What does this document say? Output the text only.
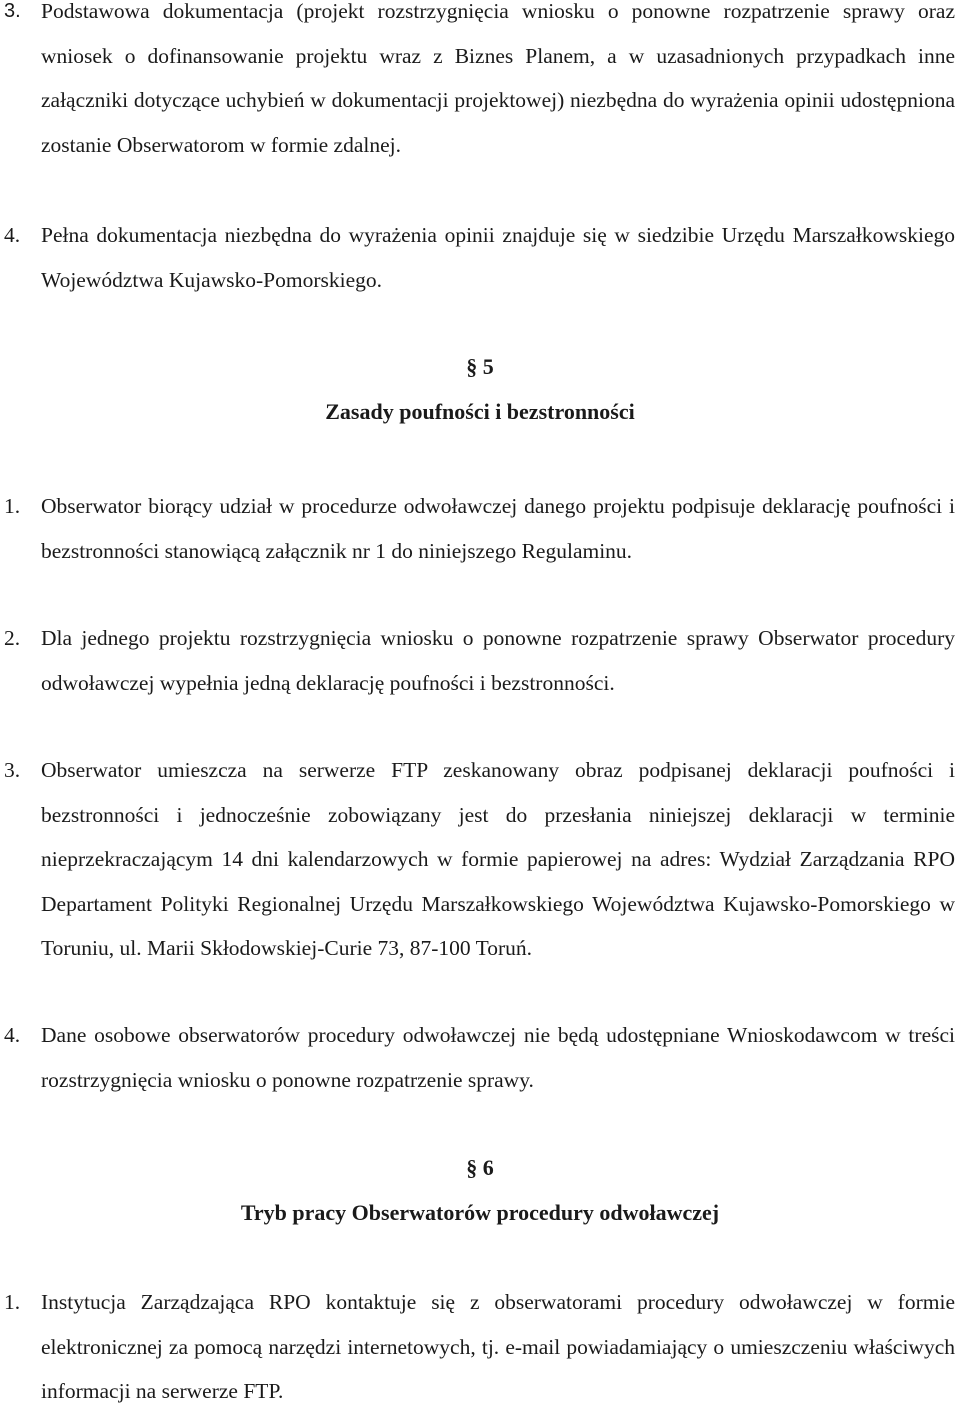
3. Podstawowa dokumentacja (projekt rozstrzygnięcia wniosku o ponowne rozpatrzenie sprawy oraz wniosek o dofinansowanie projektu wraz z Biznes Planem, a w uzasadnionych przypadkach inne załączniki dotyczące uchybień w dokumentacji projektowej) niezbędna do wyrażenia opinii udostępniona zostanie Obserwatorom w formie zdalnej.
4. Pełna dokumentacja niezbędna do wyrażenia opinii znajduje się w siedzibie Urzędu Marszałkowskiego Województwa Kujawsko-Pomorskiego.
§ 5
Zasady poufności i bezstronności
1. Obserwator biorący udział w procedurze odwoławczej danego projektu podpisuje deklarację poufności i bezstronności stanowiącą załącznik nr 1 do niniejszego Regulaminu.
2. Dla jednego projektu rozstrzygnięcia wniosku o ponowne rozpatrzenie sprawy Obserwator procedury odwoławczej wypełnia jedną deklarację poufności i bezstronności.
3. Obserwator umieszcza na serwerze FTP zeskanowany obraz podpisanej deklaracji poufności i bezstronności i jednocześnie zobowiązany jest do przesłania niniejszej deklaracji w terminie nieprzekraczającym 14 dni kalendarzowych w formie papierowej na adres: Wydział Zarządzania RPO Departament Polityki Regionalnej Urzędu Marszałkowskiego Województwa Kujawsko-Pomorskiego w Toruniu, ul. Marii Skłodowskiej-Curie 73, 87-100 Toruń.
4. Dane osobowe obserwatorów procedury odwoławczej nie będą udostępniane Wnioskodawcom w treści rozstrzygnięcia wniosku o ponowne rozpatrzenie sprawy.
§ 6
Tryb pracy Obserwatorów procedury odwoławczej
1. Instytucja Zarządzająca RPO kontaktuje się z obserwatorami procedury odwoławczej w formie elektronicznej za pomocą narzędzi internetowych, tj. e-mail powiadamiający o umieszczeniu właściwych informacji na serwerze FTP.
